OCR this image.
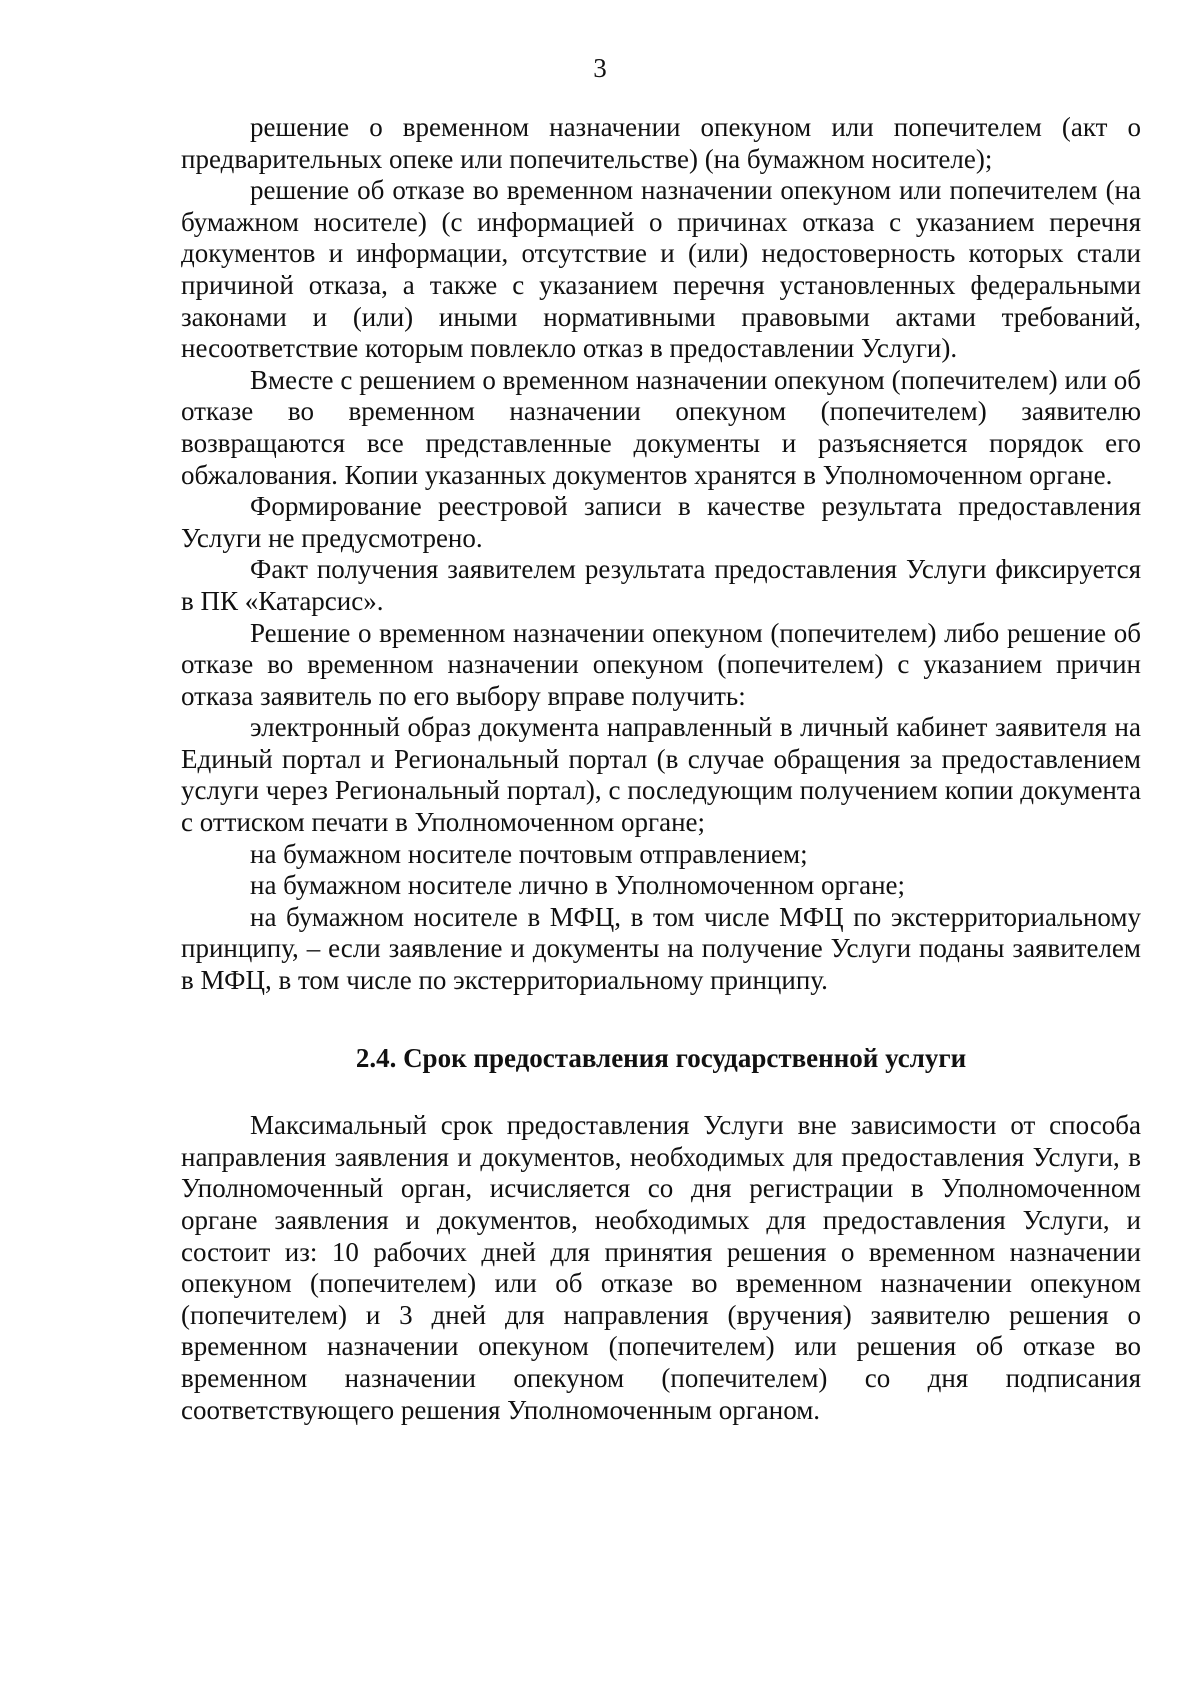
3

решение о временном назначении опекуном или попечителем (акт о предварительных опеке или попечительстве) (на бумажном носителе);

решение об отказе во временном назначении опекуном или попечителем (на бумажном носителе) (с информацией о причинах отказа с указанием перечня документов и информации, отсутствие и (или) недостоверность которых стали причиной отказа, а также с указанием перечня установленных федеральными законами и (или) иными нормативными правовыми актами требований, несоответствие которым повлекло отказ в предоставлении Услуги).

Вместе с решением о временном назначении опекуном (попечителем) или об отказе во временном назначении опекуном (попечителем) заявителю возвращаются все представленные документы и разъясняется порядок его обжалования. Копии указанных документов хранятся в Уполномоченном органе.

Формирование реестровой записи в качестве результата предоставления Услуги не предусмотрено.

Факт получения заявителем результата предоставления Услуги фиксируется в ПК «Катарсис».

Решение о временном назначении опекуном (попечителем) либо решение об отказе во временном назначении опекуном (попечителем) с указанием причин отказа заявитель по его выбору вправе получить:

электронный образ документа направленный в личный кабинет заявителя на Единый портал и Региональный портал (в случае обращения за предоставлением услуги через Региональный портал), с последующим получением копии документа с оттиском печати в Уполномоченном органе;

на бумажном носителе почтовым отправлением;

на бумажном носителе лично в Уполномоченном органе;

на бумажном носителе в МФЦ, в том числе МФЦ по экстерриториальному принципу, – если заявление и документы на получение Услуги поданы заявителем в МФЦ, в том числе по экстерриториальному принципу.

2.4. Срок предоставления государственной услуги

Максимальный срок предоставления Услуги вне зависимости от способа направления заявления и документов, необходимых для предоставления Услуги, в Уполномоченный орган, исчисляется со дня регистрации в Уполномоченном органе заявления и документов, необходимых для предоставления Услуги, и состоит из: 10 рабочих дней для принятия решения о временном назначении опекуном (попечителем) или об отказе во временном назначении опекуном (попечителем) и 3 дней для направления (вручения) заявителю решения о временном назначении опекуном (попечителем) или решения об отказе во временном назначении опекуном (попечителем) со дня подписания соответствующего решения Уполномоченным органом.
